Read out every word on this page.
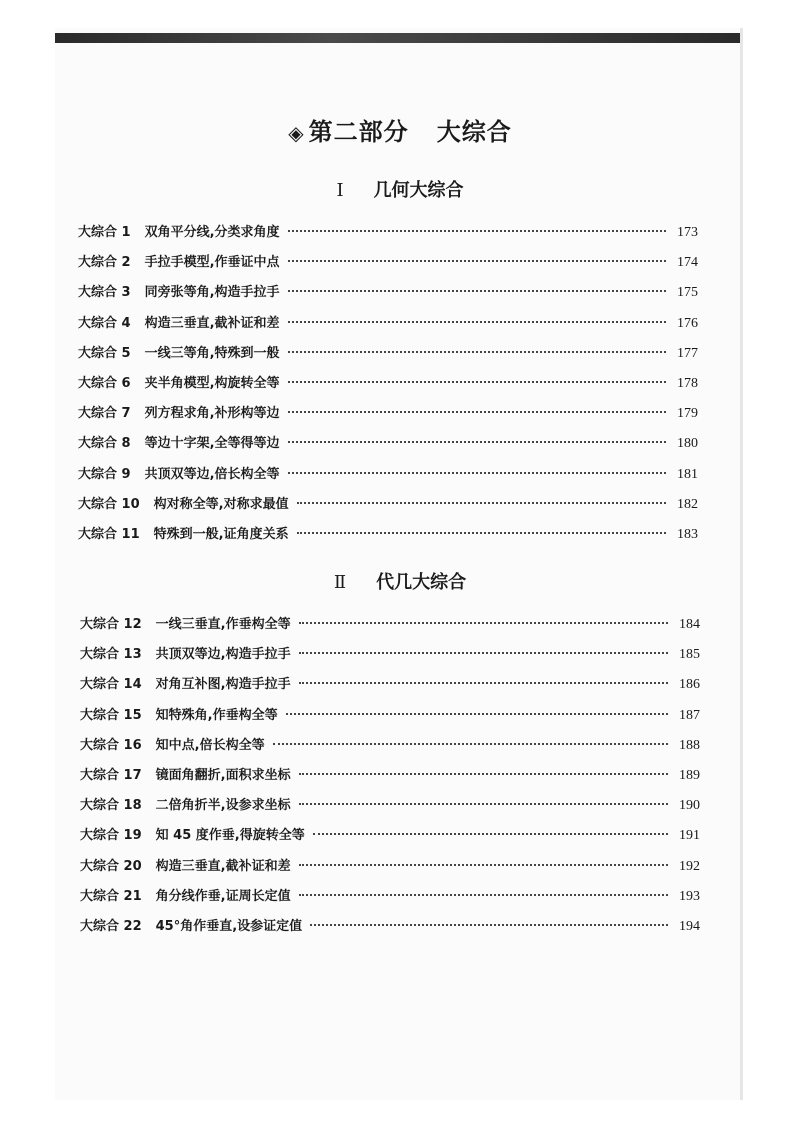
◈ 第二部分   大综合
Ⅰ 几何大综合
Ⅱ 代几大综合
大综合 1 双角平分线,分类求角度	173
大综合 2 手拉手模型,作垂证中点	174
大综合 3 同旁张等角,构造手拉手	175
大综合 4 构造三垂直,截补证和差	176
大综合 5 一线三等角,特殊到一般	177
大综合 6 夹半角模型,构旋转全等	178
大综合 7 列方程求角,补形构等边	179
大综合 8 等边十字架,全等得等边	180
大综合 9 共顶双等边,倍长构全等	181
大综合 10 构对称全等,对称求最值	182
大综合 11 特殊到一般,证角度关系	183
大综合 12 一线三垂直,作垂构全等	184
大综合 13 共顶双等边,构造手拉手	185
大综合 14 对角互补图,构造手拉手	186
大综合 15 知特殊角,作垂构全等	187
大综合 16 知中点,倍长构全等	188
大综合 17 镜面角翻折,面积求坐标	189
大综合 18 二倍角折半,设参求坐标	190
大综合 19 知 45 度作垂,得旋转全等	191
大综合 20 构造三垂直,截补证和差	192
大综合 21 角分线作垂,证周长定值	193
大综合 22 45°角作垂直,设参证定值	194
